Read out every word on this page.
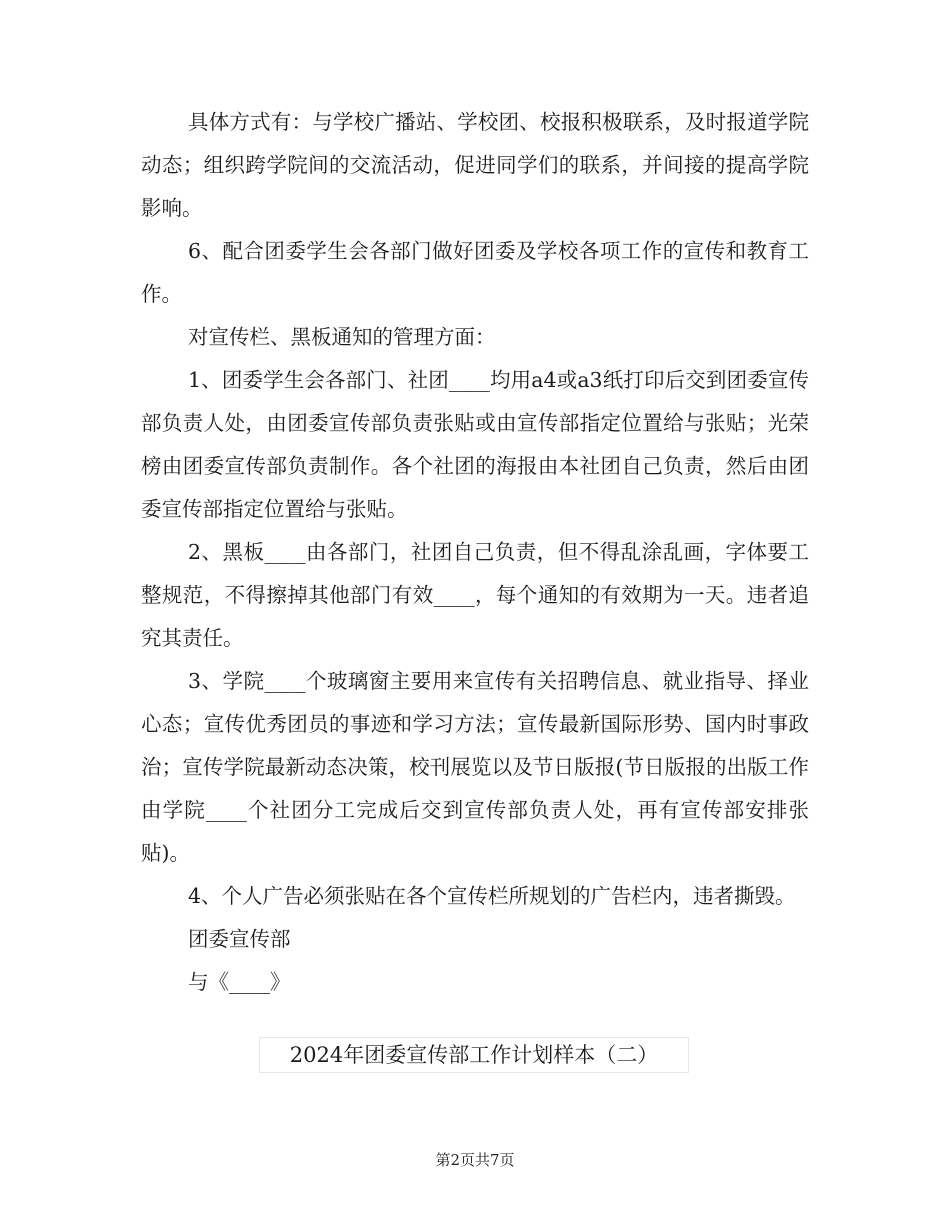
具体方式有：与学校广播站、学校团、校报积极联系，及时报道学院动态；组织跨学院间的交流活动，促进同学们的联系，并间接的提高学院影响。

6、配合团委学生会各部门做好团委及学校各项工作的宣传和教育工作。

对宣传栏、黑板通知的管理方面：

1、团委学生会各部门、社团____均用a4或a3纸打印后交到团委宣传部负责人处，由团委宣传部负责张贴或由宣传部指定位置给与张贴；光荣榜由团委宣传部负责制作。各个社团的海报由本社团自己负责，然后由团委宣传部指定位置给与张贴。

2、黑板____由各部门，社团自己负责，但不得乱涂乱画，字体要工整规范，不得擦掉其他部门有效____，每个通知的有效期为一天。违者追究其责任。

3、学院____个玻璃窗主要用来宣传有关招聘信息、就业指导、择业心态；宣传优秀团员的事迹和学习方法；宣传最新国际形势、国内时事政治；宣传学院最新动态决策，校刊展览以及节日版报(节日版报的出版工作由学院____个社团分工完成后交到宣传部负责人处，再有宣传部安排张贴)。

4、个人广告必须张贴在各个宣传栏所规划的广告栏内，违者撕毁。

团委宣传部

与《____》

2024年团委宣传部工作计划样本（二）
第2页共7页
